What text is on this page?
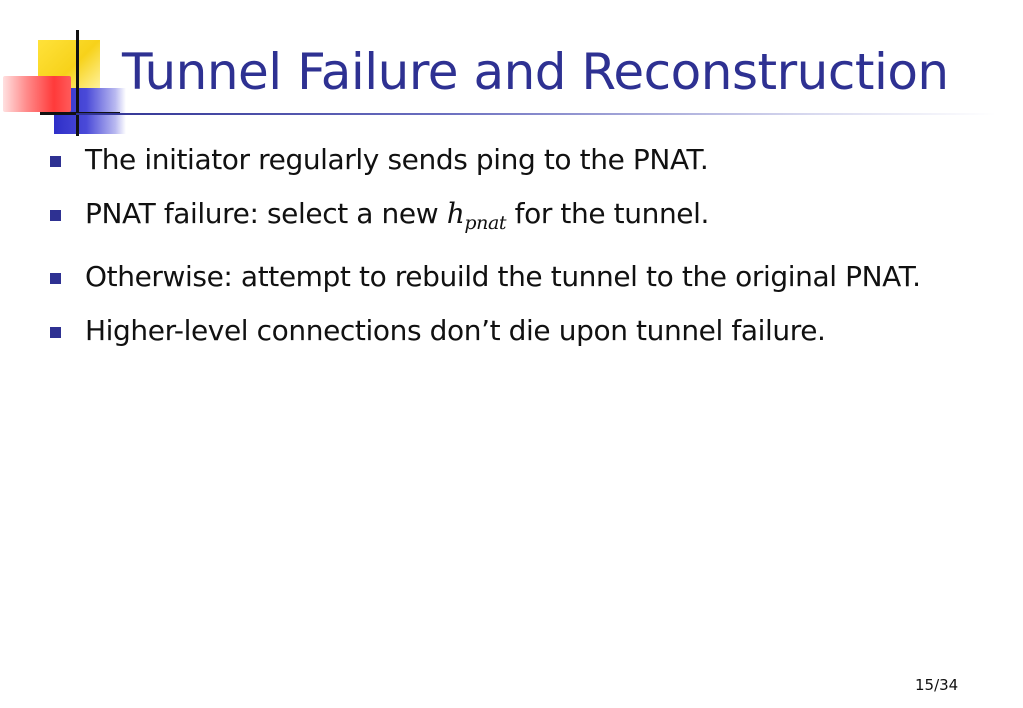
Tunnel Failure and Reconstruction
The initiator regularly sends ping to the PNAT.
PNAT failure: select a new $h_{pnat}$ for the tunnel.
Otherwise: attempt to rebuild the tunnel to the original PNAT.
Higher-level connections don’t die upon tunnel failure.
15/34
